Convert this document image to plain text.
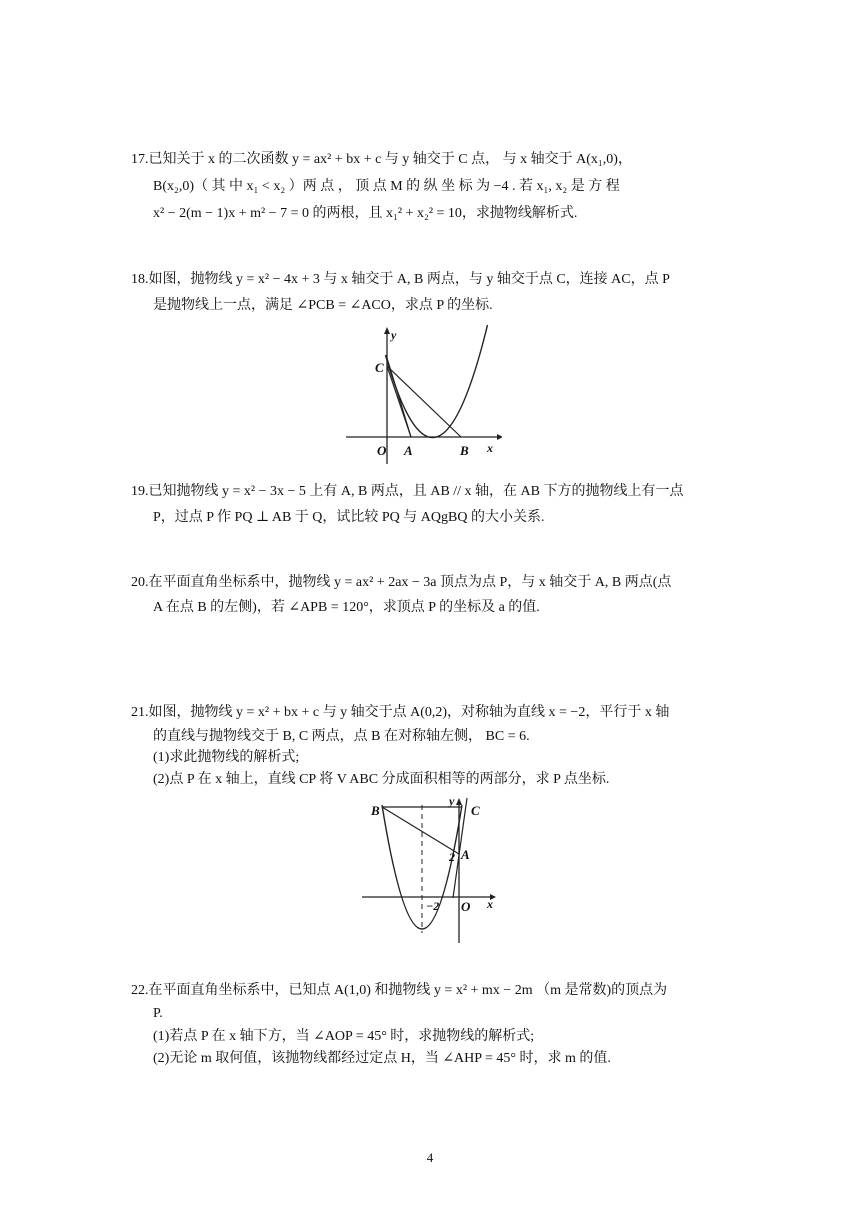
17.已知关于 x 的二次函数 y = ax² + bx + c 与 y 轴交于 C 点， 与 x 轴交于 A(x₁,0)，
B(x₂,0)（ 其 中 x₁ < x₂ ）两 点 ， 顶 点 M 的 纵 坐 标 为 −4 . 若 x₁, x₂ 是 方 程
x² − 2(m − 1)x + m² − 7 = 0 的两根，且 x₁² + x₂² = 10，求抛物线解析式.
18.如图，抛物线 y = x² − 4x + 3 与 x 轴交于 A, B 两点，与 y 轴交于点 C，连接 AC，点 P
是抛物线上一点，满足 ∠PCB = ∠ACO，求点 P 的坐标.
y
C
O A	B x
19.已知抛物线 y = x² − 3x − 5 上有 A, B 两点，且 AB // x 轴，在 AB 下方的抛物线上有一点
P，过点 P 作 PQ ⊥ AB 于 Q，试比较 PQ 与 AQgBQ 的大小关系.
20.在平面直角坐标系中，抛物线 y = ax² + 2ax − 3a 顶点为点 P，与 x 轴交于 A, B 两点(点
A 在点 B 的左侧)，若 ∠APB = 120°，求顶点 P 的坐标及 a 的值.
21.如图，抛物线 y = x² + bx + c 与 y 轴交于点 A(0,2)，对称轴为直线 x = −2，平行于 x 轴
的直线与抛物线交于 B, C 两点，点 B 在对称轴左侧， BC = 6.
(1)求此抛物线的解析式;
(2)点 P 在 x 轴上，直线 CP 将 V ABC 分成面积相等的两部分，求 P 点坐标.
B
y
C
2 A
−2 O x
22.在平面直角坐标系中，已知点 A(1,0) 和抛物线 y = x² + mx − 2m （m 是常数)的顶点为
P.
(1)若点 P 在 x 轴下方，当 ∠AOP = 45° 时，求抛物线的解析式;
(2)无论 m 取何值，该抛物线都经过定点 H，当 ∠AHP = 45° 时，求 m 的值.
4
